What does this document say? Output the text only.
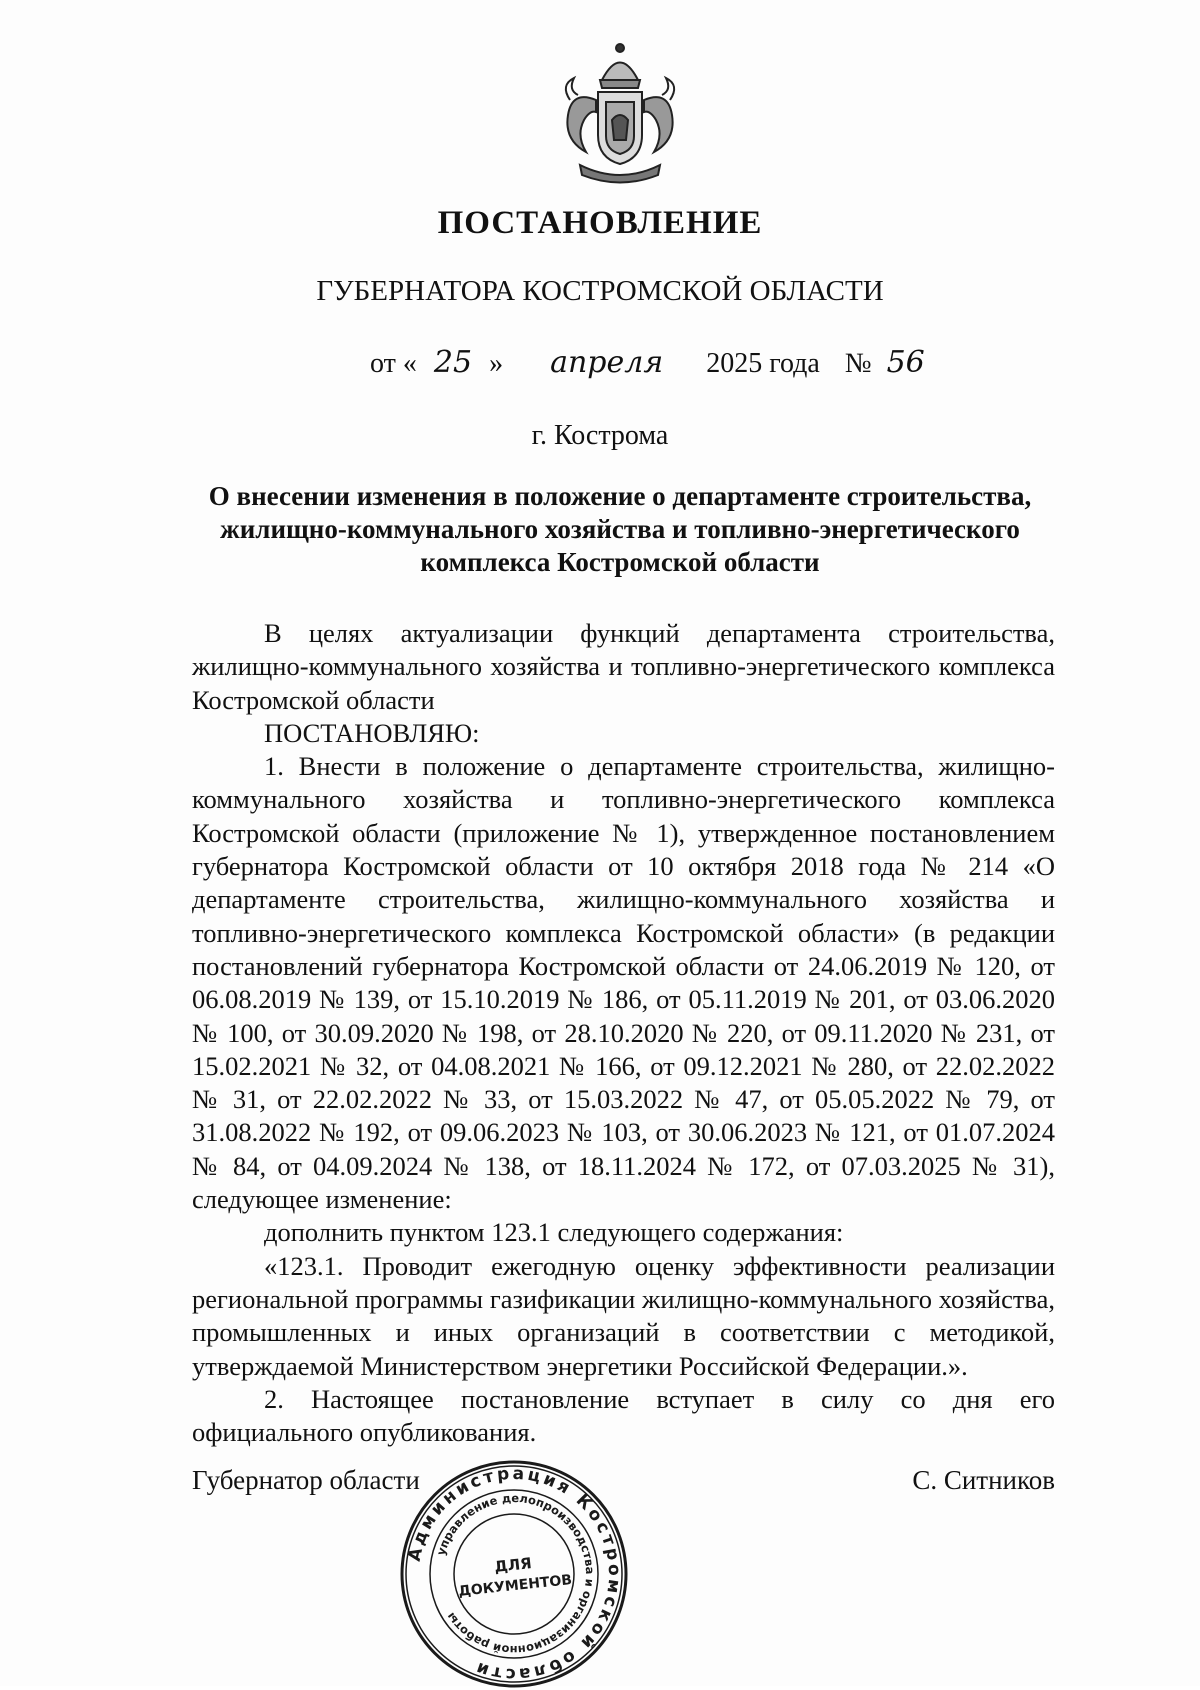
ПОСТАНОВЛЕНИЕ
ГУБЕРНАТОРА КОСТРОМСКОЙ ОБЛАСТИ
от « 25 » апреля 2025 года № 56
г. Кострома
О внесении изменения в положение о департаменте строительства,
жилищно-коммунального хозяйства и топливно-энергетического
комплекса Костромской области

В целях актуализации функций департамента строительства, жилищно-коммунального хозяйства и топливно-энергетического комплекса Костромской области

ПОСТАНОВЛЯЮ:

1. Внести в положение о департаменте строительства, жилищно-коммунального хозяйства и топливно-энергетического комплекса Костромской области (приложение № 1), утвержденное постановлением губернатора Костромской области от 10 октября 2018 года № 214 «О департаменте строительства, жилищно-коммунального хозяйства и топливно-энергетического комплекса Костромской области» (в редакции постановлений губернатора Костромской области от 24.06.2019 № 120, от 06.08.2019 № 139, от 15.10.2019 № 186, от 05.11.2019 № 201, от 03.06.2020 № 100, от 30.09.2020 № 198, от 28.10.2020 № 220, от 09.11.2020 № 231, от 15.02.2021 № 32, от 04.08.2021 № 166, от 09.12.2021 № 280, от 22.02.2022 № 31, от 22.02.2022 № 33, от 15.03.2022 № 47, от 05.05.2022 № 79, от 31.08.2022 № 192, от 09.06.2023 № 103, от 30.06.2023 № 121, от 01.07.2024 № 84, от 04.09.2024 № 138, от 18.11.2024 № 172, от 07.03.2025 № 31), следующее изменение:

дополнить пунктом 123.1 следующего содержания:

«123.1. Проводит ежегодную оценку эффективности реализации региональной программы газификации жилищно-коммунального хозяйства, промышленных и иных организаций в соответствии с методикой, утверждаемой Министерством энергетики Российской Федерации.».

2. Настоящее постановление вступает в силу со дня его официального опубликования.

Губернатор области	С. Ситников
Администрация Костромской области
управление делопроизводства и организационной работы
ДЛЯ
ДОКУМЕНТОВ
